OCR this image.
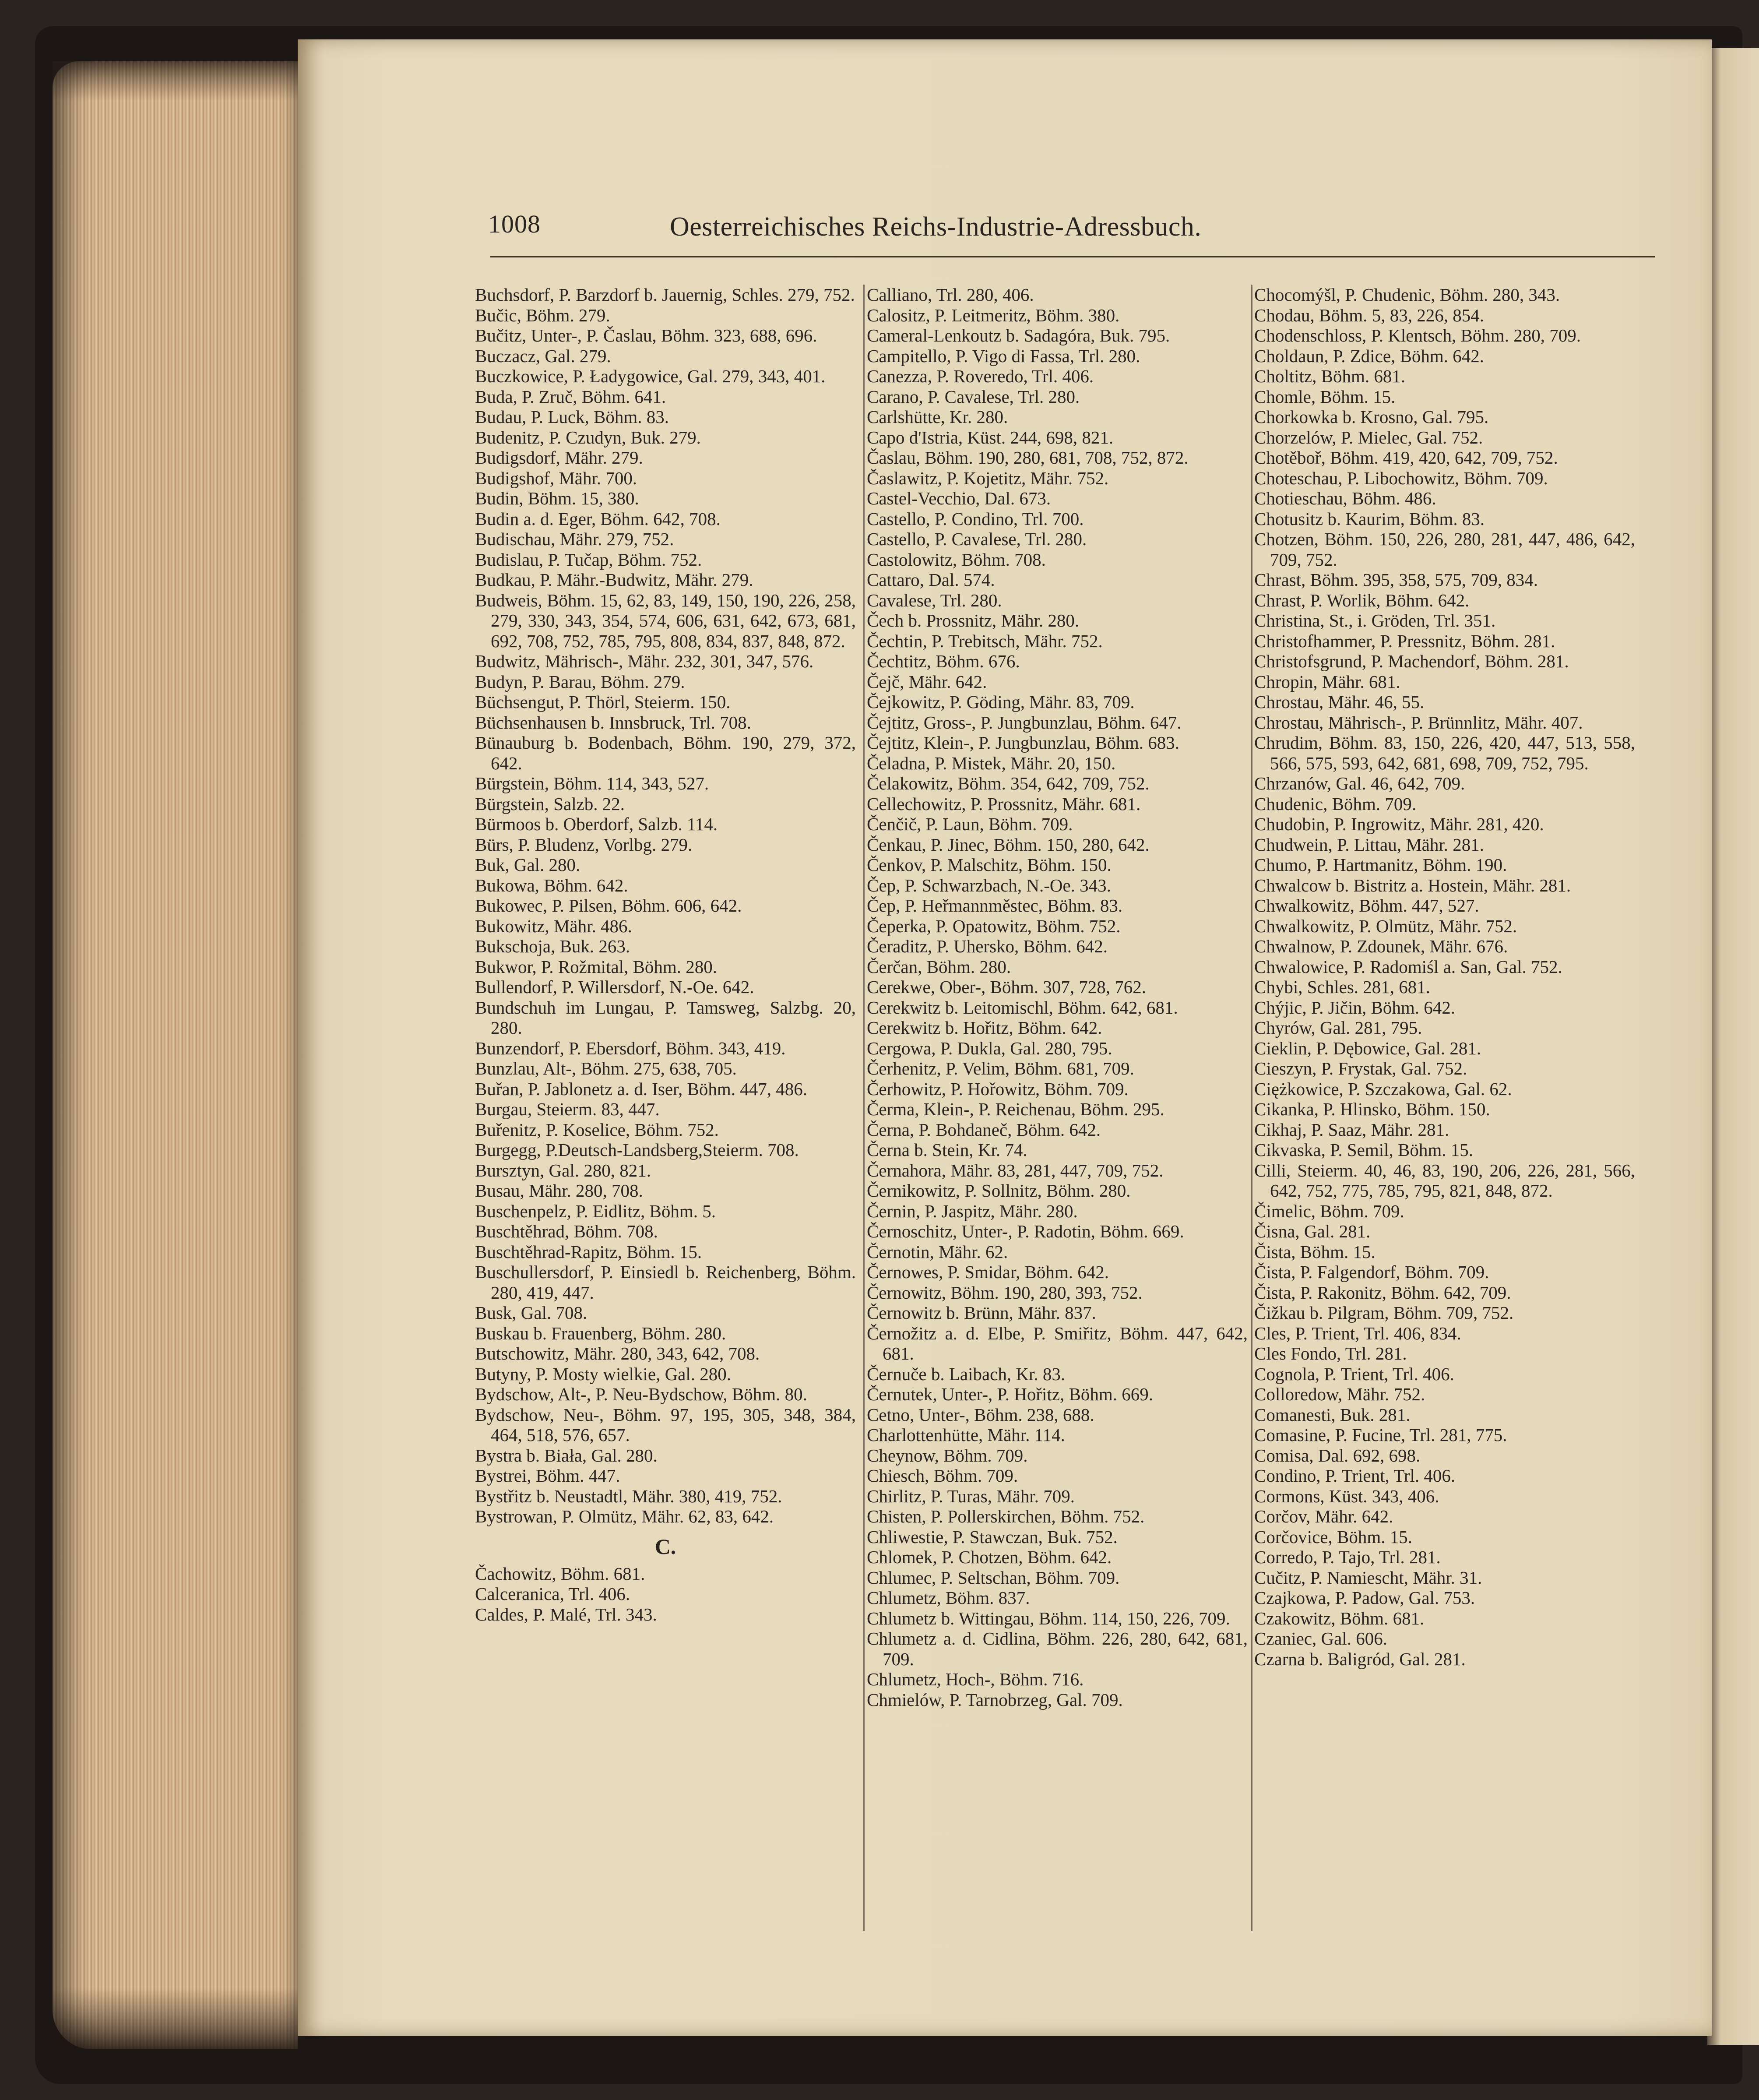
1008	Oesterreichisches Reichs-Industrie-Adressbuch.

Buchsdorf, P. Barzdorf b. Jauernig, Schles. 279, 752.

Bučic, Böhm. 279.

Bučitz, Unter-, P. Časlau, Böhm. 323, 688, 696.

Buczacz, Gal. 279.

Buczkowice, P. Ładygowice, Gal. 279, 343, 401.

Buda, P. Zruč, Böhm. 641.

Budau, P. Luck, Böhm. 83.

Budenitz, P. Czudyn, Buk. 279.

Budigsdorf, Mähr. 279.

Budigshof, Mähr. 700.

Budin, Böhm. 15, 380.

Budin a. d. Eger, Böhm. 642, 708.

Budischau, Mähr. 279, 752.

Budislau, P. Tučap, Böhm. 752.

Budkau, P. Mähr.-Budwitz, Mähr. 279.

Budweis, Böhm. 15, 62, 83, 149, 150, 190, 226, 258, 279, 330, 343, 354, 574, 606, 631, 642, 673, 681, 692, 708, 752, 785, 795, 808, 834, 837, 848, 872.

Budwitz, Mährisch-, Mähr. 232, 301, 347, 576.

Budyn, P. Barau, Böhm. 279.

Büchsengut, P. Thörl, Steierm. 150.

Büchsenhausen b. Innsbruck, Trl. 708.

Bünauburg b. Bodenbach, Böhm. 190, 279, 372, 642.

Bürgstein, Böhm. 114, 343, 527.

Bürgstein, Salzb. 22.

Bürmoos b. Oberdorf, Salzb. 114.

Bürs, P. Bludenz, Vorlbg. 279.

Buk, Gal. 280.

Bukowa, Böhm. 642.

Bukowec, P. Pilsen, Böhm. 606, 642.

Bukowitz, Mähr. 486.

Bukschoja, Buk. 263.

Bukwor, P. Rožmital, Böhm. 280.

Bullendorf, P. Willersdorf, N.-Oe. 642.

Bundschuh im Lungau, P. Tamsweg, Salzbg. 20, 280.

Bunzendorf, P. Ebersdorf, Böhm. 343, 419.

Bunzlau, Alt-, Böhm. 275, 638, 705.

Buřan, P. Jablonetz a. d. Iser, Böhm. 447, 486.

Burgau, Steierm. 83, 447.

Buřenitz, P. Koselice, Böhm. 752.

Burgegg, P.Deutsch-Landsberg,Steierm. 708.

Bursztyn, Gal. 280, 821.

Busau, Mähr. 280, 708.

Buschenpelz, P. Eidlitz, Böhm. 5.

Buschtěhrad, Böhm. 708.

Buschtěhrad-Rapitz, Böhm. 15.

Buschullersdorf, P. Einsiedl b. Reichenberg, Böhm. 280, 419, 447.

Busk, Gal. 708.

Buskau b. Frauenberg, Böhm. 280.

Butschowitz, Mähr. 280, 343, 642, 708.

Butyny, P. Mosty wielkie, Gal. 280.

Bydschow, Alt-, P. Neu-Bydschow, Böhm. 80.

Bydschow, Neu-, Böhm. 97, 195, 305, 348, 384, 464, 518, 576, 657.

Bystra b. Biała, Gal. 280.

Bystrei, Böhm. 447.

Bystřitz b. Neustadtl, Mähr. 380, 419, 752.

Bystrowan, P. Olmütz, Mähr. 62, 83, 642.

C.

Čachowitz, Böhm. 681.

Calceranica, Trl. 406.

Caldes, P. Malé, Trl. 343.

Calliano, Trl. 280, 406.

Calositz, P. Leitmeritz, Böhm. 380.

Cameral-Lenkoutz b. Sadagóra, Buk. 795.

Campitello, P. Vigo di Fassa, Trl. 280.

Canezza, P. Roveredo, Trl. 406.

Carano, P. Cavalese, Trl. 280.

Carlshütte, Kr. 280.

Capo d'Istria, Küst. 244, 698, 821.

Časlau, Böhm. 190, 280, 681, 708, 752, 872.

Časlawitz, P. Kojetitz, Mähr. 752.

Castel-Vecchio, Dal. 673.

Castello, P. Condino, Trl. 700.

Castello, P. Cavalese, Trl. 280.

Castolowitz, Böhm. 708.

Cattaro, Dal. 574.

Cavalese, Trl. 280.

Čech b. Prossnitz, Mähr. 280.

Čechtin, P. Trebitsch, Mähr. 752.

Čechtitz, Böhm. 676.

Čejč, Mähr. 642.

Čejkowitz, P. Göding, Mähr. 83, 709.

Čejtitz, Gross-, P. Jungbunzlau, Böhm. 647.

Čejtitz, Klein-, P. Jungbunzlau, Böhm. 683.

Čeladna, P. Mistek, Mähr. 20, 150.

Čelakowitz, Böhm. 354, 642, 709, 752.

Cellechowitz, P. Prossnitz, Mähr. 681.

Čenčič, P. Laun, Böhm. 709.

Čenkau, P. Jinec, Böhm. 150, 280, 642.

Čenkov, P. Malschitz, Böhm. 150.

Čep, P. Schwarzbach, N.-Oe. 343.

Čep, P. Heřmannměstec, Böhm. 83.

Čeperka, P. Opatowitz, Böhm. 752.

Čeraditz, P. Uhersko, Böhm. 642.

Čerčan, Böhm. 280.

Cerekwe, Ober-, Böhm. 307, 728, 762.

Cerekwitz b. Leitomischl, Böhm. 642, 681.

Cerekwitz b. Hořitz, Böhm. 642.

Cergowa, P. Dukla, Gal. 280, 795.

Čerhenitz, P. Velim, Böhm. 681, 709.

Čerhowitz, P. Hořowitz, Böhm. 709.

Čerma, Klein-, P. Reichenau, Böhm. 295.

Černa, P. Bohdaneč, Böhm. 642.

Černa b. Stein, Kr. 74.

Černahora, Mähr. 83, 281, 447, 709, 752.

Černikowitz, P. Sollnitz, Böhm. 280.

Černin, P. Jaspitz, Mähr. 280.

Černoschitz, Unter-, P. Radotin, Böhm. 669.

Černotin, Mähr. 62.

Černowes, P. Smidar, Böhm. 642.

Černowitz, Böhm. 190, 280, 393, 752.

Černowitz b. Brünn, Mähr. 837.

Černožitz a. d. Elbe, P. Smiřitz, Böhm. 447, 642, 681.

Černuče b. Laibach, Kr. 83.

Černutek, Unter-, P. Hořitz, Böhm. 669.

Cetno, Unter-, Böhm. 238, 688.

Charlottenhütte, Mähr. 114.

Cheynow, Böhm. 709.

Chiesch, Böhm. 709.

Chirlitz, P. Turas, Mähr. 709.

Chisten, P. Pollerskirchen, Böhm. 752.

Chliwestie, P. Stawczan, Buk. 752.

Chlomek, P. Chotzen, Böhm. 642.

Chlumec, P. Seltschan, Böhm. 709.

Chlumetz, Böhm. 837.

Chlumetz b. Wittingau, Böhm. 114, 150, 226, 709.

Chlumetz a. d. Cidlina, Böhm. 226, 280, 642, 681, 709.

Chlumetz, Hoch-, Böhm. 716.

Chmielów, P. Tarnobrzeg, Gal. 709.

Chocomýšl, P. Chudenic, Böhm. 280, 343.

Chodau, Böhm. 5, 83, 226, 854.

Chodenschloss, P. Klentsch, Böhm. 280, 709.

Choldaun, P. Zdice, Böhm. 642.

Choltitz, Böhm. 681.

Chomle, Böhm. 15.

Chorkowka b. Krosno, Gal. 795.

Chorzelów, P. Mielec, Gal. 752.

Chotěboř, Böhm. 419, 420, 642, 709, 752.

Choteschau, P. Libochowitz, Böhm. 709.

Chotieschau, Böhm. 486.

Chotusitz b. Kaurim, Böhm. 83.

Chotzen, Böhm. 150, 226, 280, 281, 447, 486, 642, 709, 752.

Chrast, Böhm. 395, 358, 575, 709, 834.

Chrast, P. Worlik, Böhm. 642.

Christina, St., i. Gröden, Trl. 351.

Christofhammer, P. Pressnitz, Böhm. 281.

Christofsgrund, P. Machendorf, Böhm. 281.

Chropin, Mähr. 681.

Chrostau, Mähr. 46, 55.

Chrostau, Mährisch-, P. Brünnlitz, Mähr. 407.

Chrudim, Böhm. 83, 150, 226, 420, 447, 513, 558, 566, 575, 593, 642, 681, 698, 709, 752, 795.

Chrzanów, Gal. 46, 642, 709.

Chudenic, Böhm. 709.

Chudobin, P. Ingrowitz, Mähr. 281, 420.

Chudwein, P. Littau, Mähr. 281.

Chumo, P. Hartmanitz, Böhm. 190.

Chwalcow b. Bistritz a. Hostein, Mähr. 281.

Chwalkowitz, Böhm. 447, 527.

Chwalkowitz, P. Olmütz, Mähr. 752.

Chwalnow, P. Zdounek, Mähr. 676.

Chwalowice, P. Radomiśl a. San, Gal. 752.

Chybi, Schles. 281, 681.

Chýjic, P. Jičin, Böhm. 642.

Chyrów, Gal. 281, 795.

Cieklin, P. Dębowice, Gal. 281.

Cieszyn, P. Frystak, Gal. 752.

Ciężkowice, P. Szczakowa, Gal. 62.

Cikanka, P. Hlinsko, Böhm. 150.

Cikhaj, P. Saaz, Mähr. 281.

Cikvaska, P. Semil, Böhm. 15.

Cilli, Steierm. 40, 46, 83, 190, 206, 226, 281, 566, 642, 752, 775, 785, 795, 821, 848, 872.

Čimelic, Böhm. 709.

Čisna, Gal. 281.

Čista, Böhm. 15.

Čista, P. Falgendorf, Böhm. 709.

Čista, P. Rakonitz, Böhm. 642, 709.

Čižkau b. Pilgram, Böhm. 709, 752.

Cles, P. Trient, Trl. 406, 834.

Cles Fondo, Trl. 281.

Cognola, P. Trient, Trl. 406.

Colloredow, Mähr. 752.

Comanesti, Buk. 281.

Comasine, P. Fucine, Trl. 281, 775.

Comisa, Dal. 692, 698.

Condino, P. Trient, Trl. 406.

Cormons, Küst. 343, 406.

Corčov, Mähr. 642.

Corčovice, Böhm. 15.

Corredo, P. Tajo, Trl. 281.

Cučitz, P. Namiescht, Mähr. 31.

Czajkowa, P. Padow, Gal. 753.

Czakowitz, Böhm. 681.

Czaniec, Gal. 606.

Czarna b. Baligród, Gal. 281.
